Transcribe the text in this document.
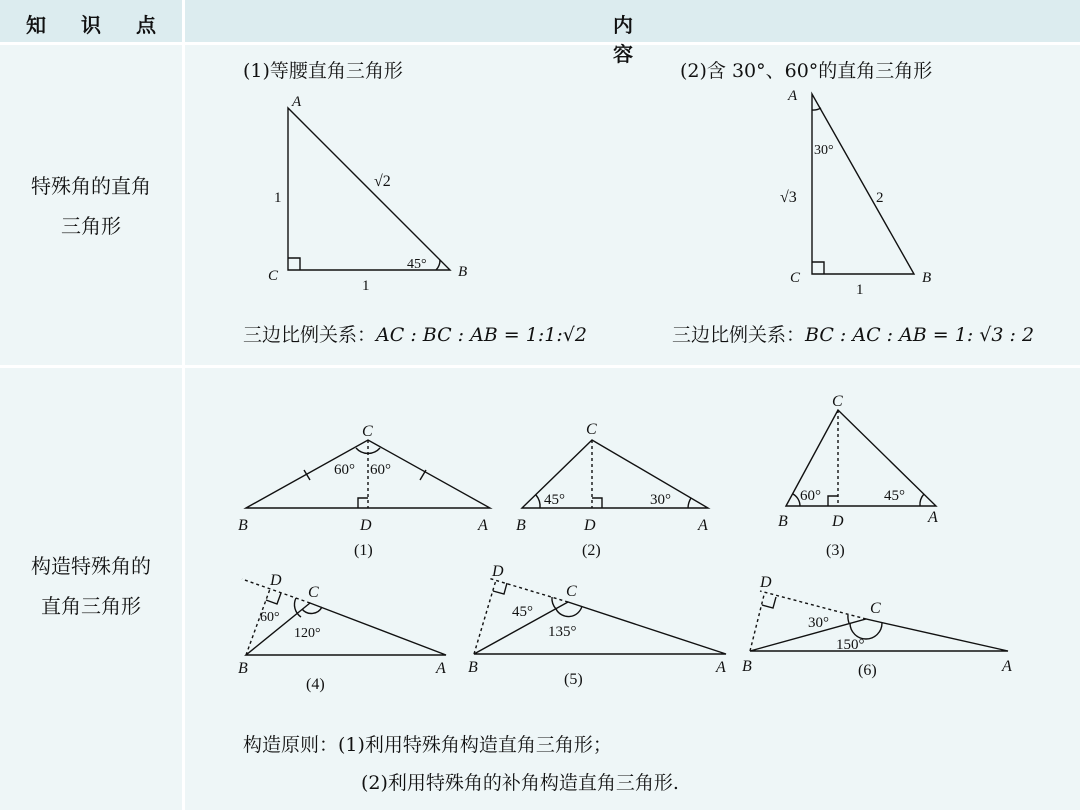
知 识 点	内 容
特殊角的直角
三角形
(1)等腰直角三角形	(2)含 30°、60°的直角三角形
A
C	B
1
1
√2
45°
A
C	B
√3
1
2
30°
三边比例关系：AC : BC : AB = 1:1:√2	三边比例关系：BC : AC : AB = 1: √3 : 2
构造特殊角的
直角三角形
C
B	D	A
60° 60°
(1)
C
B	D	A
45°	30°
(2)
C
B	D	A
60°	45°
(3)
D
C
B	A
60°
120°
(4)
D
C
B	A
45°
135°
(5)
D
C
B	A
30°
150°
(6)
构造原则：(1)利用特殊角构造直角三角形；
(2)利用特殊角的补角构造直角三角形.
